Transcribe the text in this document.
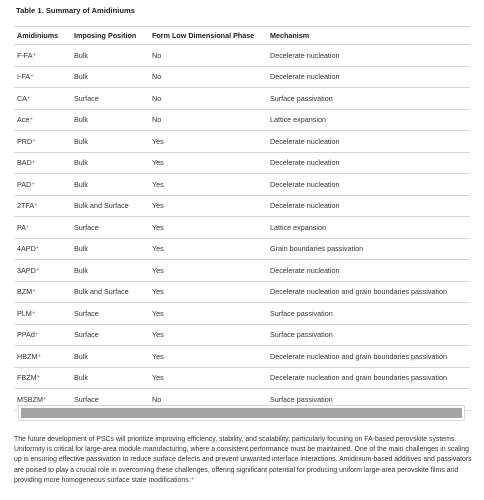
Table 1. Summary of Amidiniums
Amidiniums	Imposing Position	Form Low Dimensional Phase	Mechanism
F-FA⁺	Bulk	No	Decelerate nucleation
I-FA⁺	Bulk	No	Decelerate nucleation
CA⁺	Surface	No	Surface passivation
Ace⁺	Bulk	No	Lattice expansion
PRD⁺	Bulk	Yes	Decelerate nucleation
BAD⁺	Bulk	Yes	Decelerate nucleation
PAD⁺	Bulk	Yes	Decelerate nucleation
2TFA⁺	Bulk and Surface	Yes	Decelerate nucleation
PA⁺	Surface	Yes	Lattice expansion
4APD⁺	Bulk	Yes	Grain boundaries passivation
3APD⁺	Bulk	Yes	Decelerate nucleation
BZM⁺	Bulk and Surface	Yes	Decelerate nucleation and grain boundaries passivation
PLM⁺	Surface	Yes	Surface passivation
PPAd⁺	Surface	Yes	Surface passivation
HBZM⁺	Bulk	Yes	Decelerate nucleation and grain boundaries passivation
FBZM⁺	Bulk	Yes	Decelerate nucleation and grain boundaries passivation
MSBZM⁺	Surface	No	Surface passivation

The future development of PSCs will prioritize improving efficiency, stability, and scalability, particularly focusing on FA-based perovskite systems. Uniformity is critical for large-area module manufacturing, where a consistent performance must be maintained. One of the main challenges in scaling up is ensuring effective passivation to reduce surface defects and prevent unwanted interface interactions. Amidinium-based additives and passivators are poised to play a crucial role in overcoming these challenges, offering significant potential for producing uniform large-area perovskite films and providing more homogeneous surface state modifications.⁺
